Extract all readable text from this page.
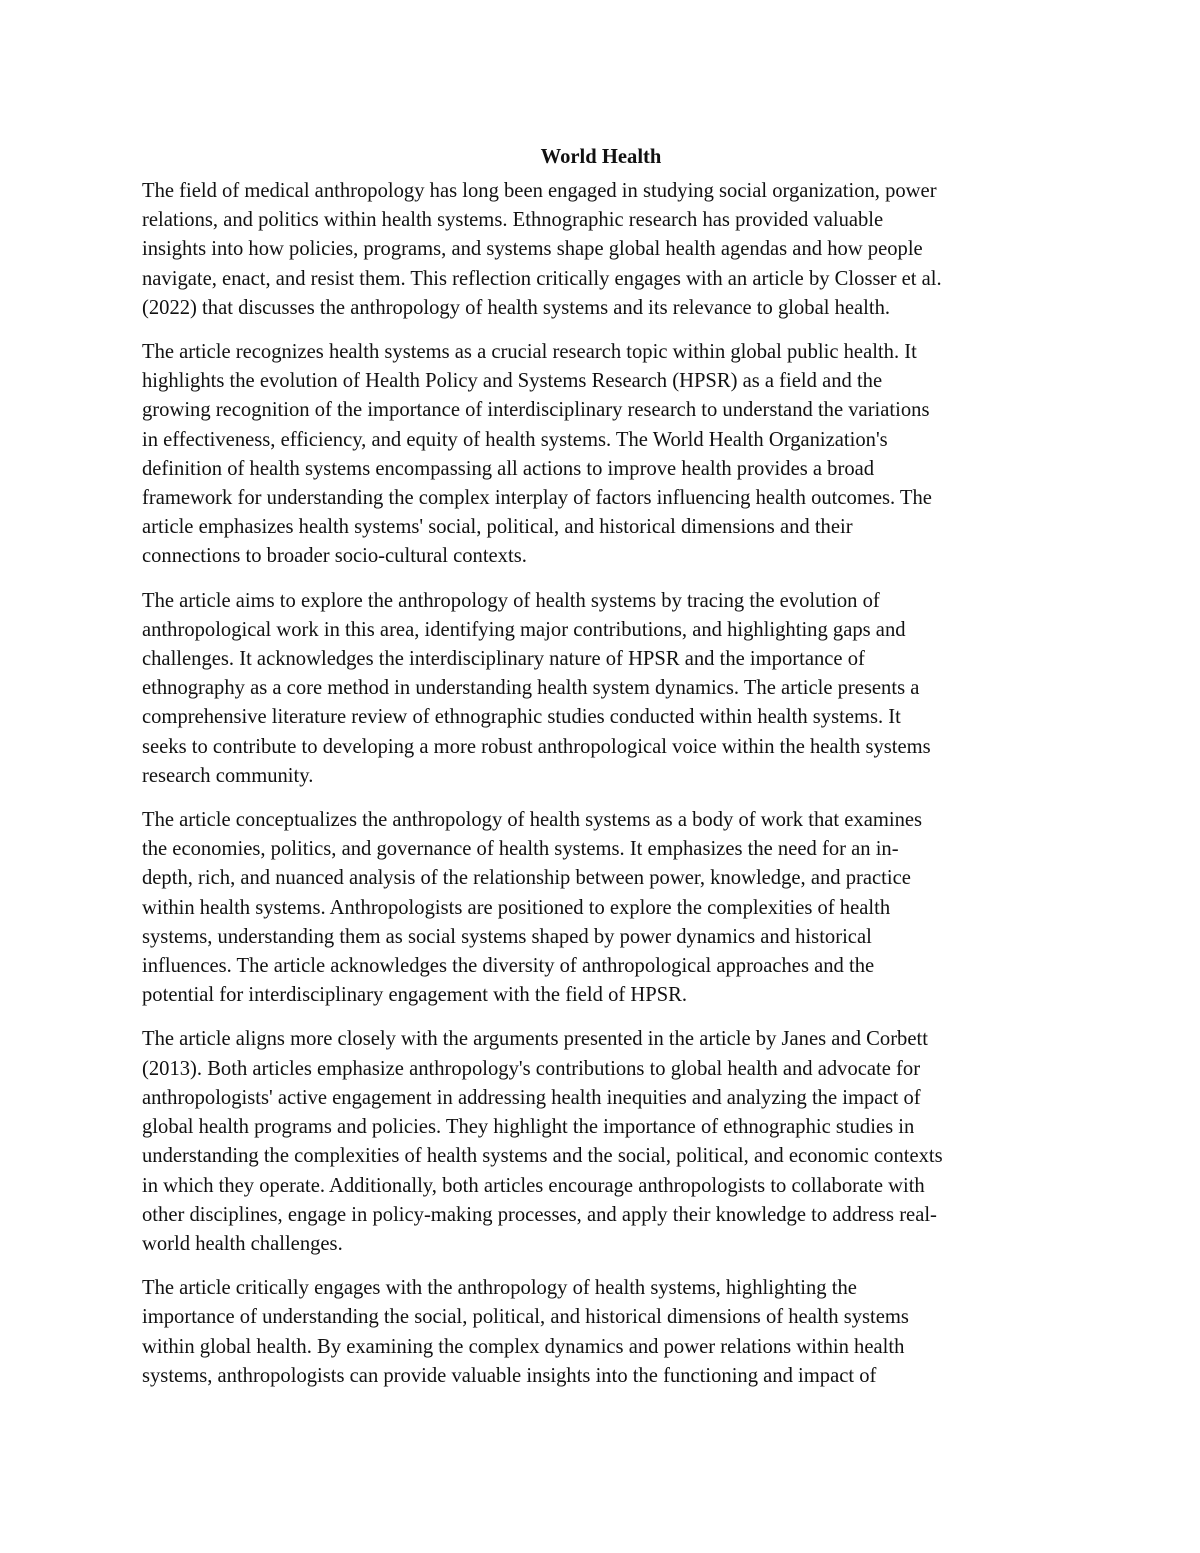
World Health

The field of medical anthropology has long been engaged in studying social organization, power
relations, and politics within health systems. Ethnographic research has provided valuable
insights into how policies, programs, and systems shape global health agendas and how people
navigate, enact, and resist them. This reflection critically engages with an article by Closser et al.
(2022) that discusses the anthropology of health systems and its relevance to global health.

The article recognizes health systems as a crucial research topic within global public health. It
highlights the evolution of Health Policy and Systems Research (HPSR) as a field and the
growing recognition of the importance of interdisciplinary research to understand the variations
in effectiveness, efficiency, and equity of health systems. The World Health Organization's
definition of health systems encompassing all actions to improve health provides a broad
framework for understanding the complex interplay of factors influencing health outcomes. The
article emphasizes health systems' social, political, and historical dimensions and their
connections to broader socio-cultural contexts.

The article aims to explore the anthropology of health systems by tracing the evolution of
anthropological work in this area, identifying major contributions, and highlighting gaps and
challenges. It acknowledges the interdisciplinary nature of HPSR and the importance of
ethnography as a core method in understanding health system dynamics. The article presents a
comprehensive literature review of ethnographic studies conducted within health systems. It
seeks to contribute to developing a more robust anthropological voice within the health systems
research community.

The article conceptualizes the anthropology of health systems as a body of work that examines
the economies, politics, and governance of health systems. It emphasizes the need for an in-
depth, rich, and nuanced analysis of the relationship between power, knowledge, and practice
within health systems. Anthropologists are positioned to explore the complexities of health
systems, understanding them as social systems shaped by power dynamics and historical
influences. The article acknowledges the diversity of anthropological approaches and the
potential for interdisciplinary engagement with the field of HPSR.

The article aligns more closely with the arguments presented in the article by Janes and Corbett
(2013). Both articles emphasize anthropology's contributions to global health and advocate for
anthropologists' active engagement in addressing health inequities and analyzing the impact of
global health programs and policies. They highlight the importance of ethnographic studies in
understanding the complexities of health systems and the social, political, and economic contexts
in which they operate. Additionally, both articles encourage anthropologists to collaborate with
other disciplines, engage in policy-making processes, and apply their knowledge to address real-
world health challenges.

The article critically engages with the anthropology of health systems, highlighting the
importance of understanding the social, political, and historical dimensions of health systems
within global health. By examining the complex dynamics and power relations within health
systems, anthropologists can provide valuable insights into the functioning and impact of
